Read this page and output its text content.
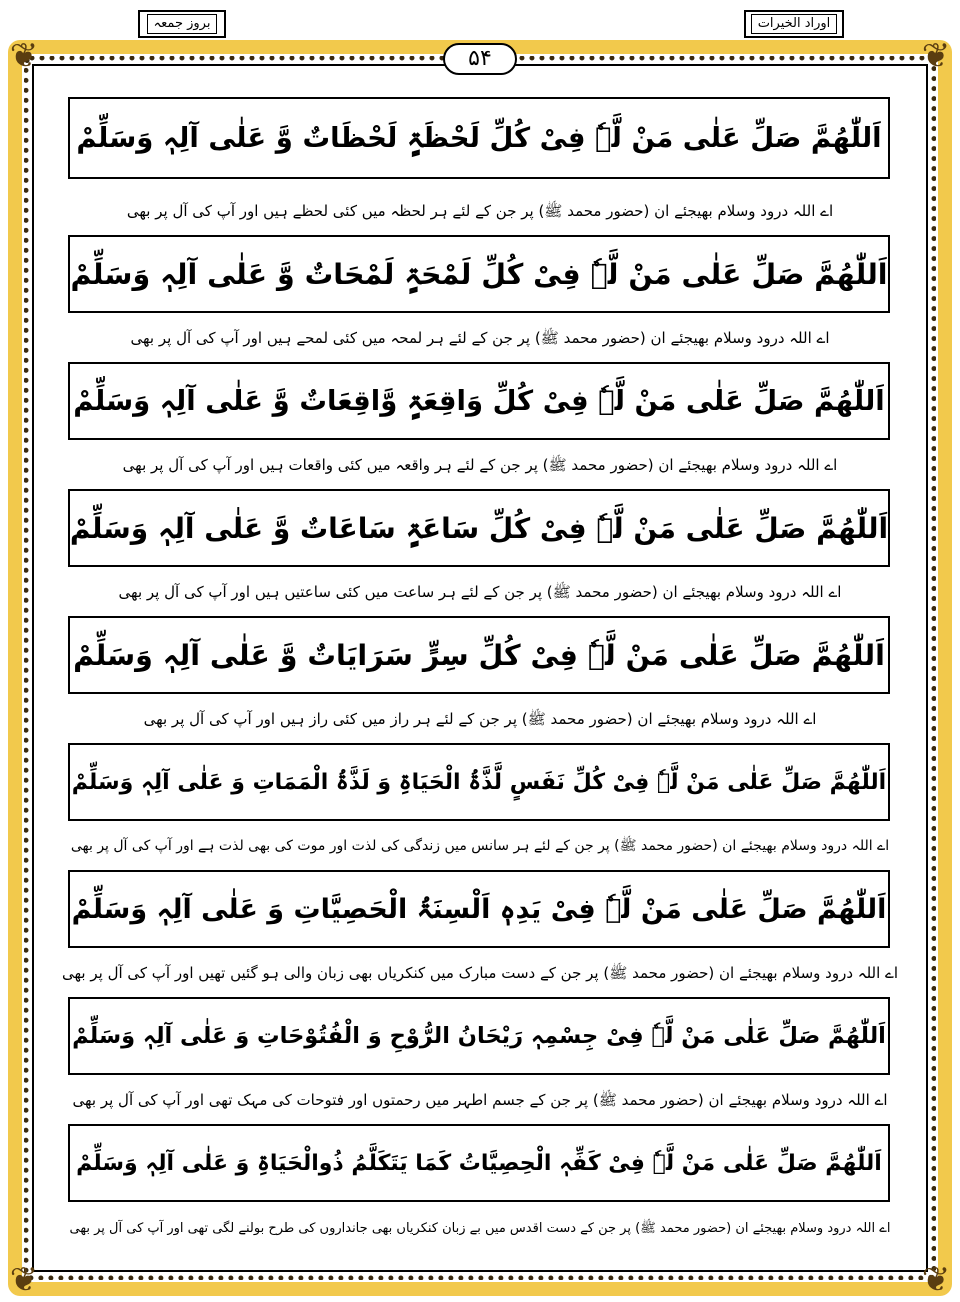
❦	❦
❦	❦
بروز جمعہ	اوراد الخیرات
۵۴
اَللّٰھُمَّ صَلِّ عَلٰی مَنْ لَّہٗ فِیْ کُلِّ لَحْظَۃٍ لَحْظَاتٌ وَّ عَلٰی آلِہٖ وَسَلِّمْ
اے اللہ درود وسلام بھیجئے ان (حضور محمد ﷺ) پر جن کے لئے ہر لحظہ میں کئی لحظے ہیں اور آپ کی آل پر بھی
اَللّٰھُمَّ صَلِّ عَلٰی مَنْ لَّہٗ فِیْ کُلِّ لَمْحَۃٍ لَمْحَاتٌ وَّ عَلٰی آلِہٖ وَسَلِّمْ
اے اللہ درود وسلام بھیجئے ان (حضور محمد ﷺ) پر جن کے لئے ہر لمحہ میں کئی لمحے ہیں اور آپ کی آل پر بھی
اَللّٰھُمَّ صَلِّ عَلٰی مَنْ لَّہٗ فِیْ کُلِّ وَاقِعَۃٍ وَّاقِعَاتٌ وَّ عَلٰی آلِہٖ وَسَلِّمْ
اے اللہ درود وسلام بھیجئے ان (حضور محمد ﷺ) پر جن کے لئے ہر واقعہ میں کئی واقعات ہیں اور آپ کی آل پر بھی
اَللّٰھُمَّ صَلِّ عَلٰی مَنْ لَّہٗ فِیْ کُلِّ سَاعَۃٍ سَاعَاتٌ وَّ عَلٰی آلِہٖ وَسَلِّمْ
اے اللہ درود وسلام بھیجئے ان (حضور محمد ﷺ) پر جن کے لئے ہر ساعت میں کئی ساعتیں ہیں اور آپ کی آل پر بھی
اَللّٰھُمَّ صَلِّ عَلٰی مَنْ لَّہٗ فِیْ کُلِّ سِرٍّ سَرَایَاتٌ وَّ عَلٰی آلِہٖ وَسَلِّمْ
اے اللہ درود وسلام بھیجئے ان (حضور محمد ﷺ) پر جن کے لئے ہر راز میں کئی راز ہیں اور آپ کی آل پر بھی
اَللّٰھُمَّ صَلِّ عَلٰی مَنْ لَّہٗ فِیْ کُلِّ نَفَسٍ لَّذَّۃُ الْحَیَاۃِ وَ لَذَّۃُ الْمَمَاتِ وَ عَلٰی آلِہٖ وَسَلِّمْ
اے اللہ درود وسلام بھیجئے ان (حضور محمد ﷺ) پر جن کے لئے ہر سانس میں زندگی کی لذت اور موت کی بھی لذت ہے اور آپ کی آل پر بھی
اَللّٰھُمَّ صَلِّ عَلٰی مَنْ لَّہٗ فِیْ یَدِہٖ اَلْسِنَۃُ الْحَصِیَّاتِ وَ عَلٰی آلِہٖ وَسَلِّمْ
اے اللہ درود وسلام بھیجئے ان (حضور محمد ﷺ) پر جن کے دست مبارک میں کنکریاں بھی زبان والی ہو گئیں تھیں اور آپ کی آل پر بھی
اَللّٰھُمَّ صَلِّ عَلٰی مَنْ لَّہٗ فِیْ جِسْمِہٖ رَیْحَانُ الرُّوْحِ وَ الْفُتُوْحَاتِ وَ عَلٰی آلِہٖ وَسَلِّمْ
اے اللہ درود وسلام بھیجئے ان (حضور محمد ﷺ) پر جن کے جسم اطہر میں رحمتوں اور فتوحات کی مہک تھی اور آپ کی آل پر بھی
اَللّٰھُمَّ صَلِّ عَلٰی مَنْ لَّہٗ فِیْ کَفِّہٖ الْحِصِیَّاتُ کَمَا یَتَکَلَّمُ ذُوالْحَیَاۃِ وَ عَلٰی آلِہٖ وَسَلِّمْ
اے اللہ درود وسلام بھیجئے ان (حضور محمد ﷺ) پر جن کے دست اقدس میں بے زبان کنکریاں بھی جانداروں کی طرح بولنے لگی تھی اور آپ کی آل پر بھی
